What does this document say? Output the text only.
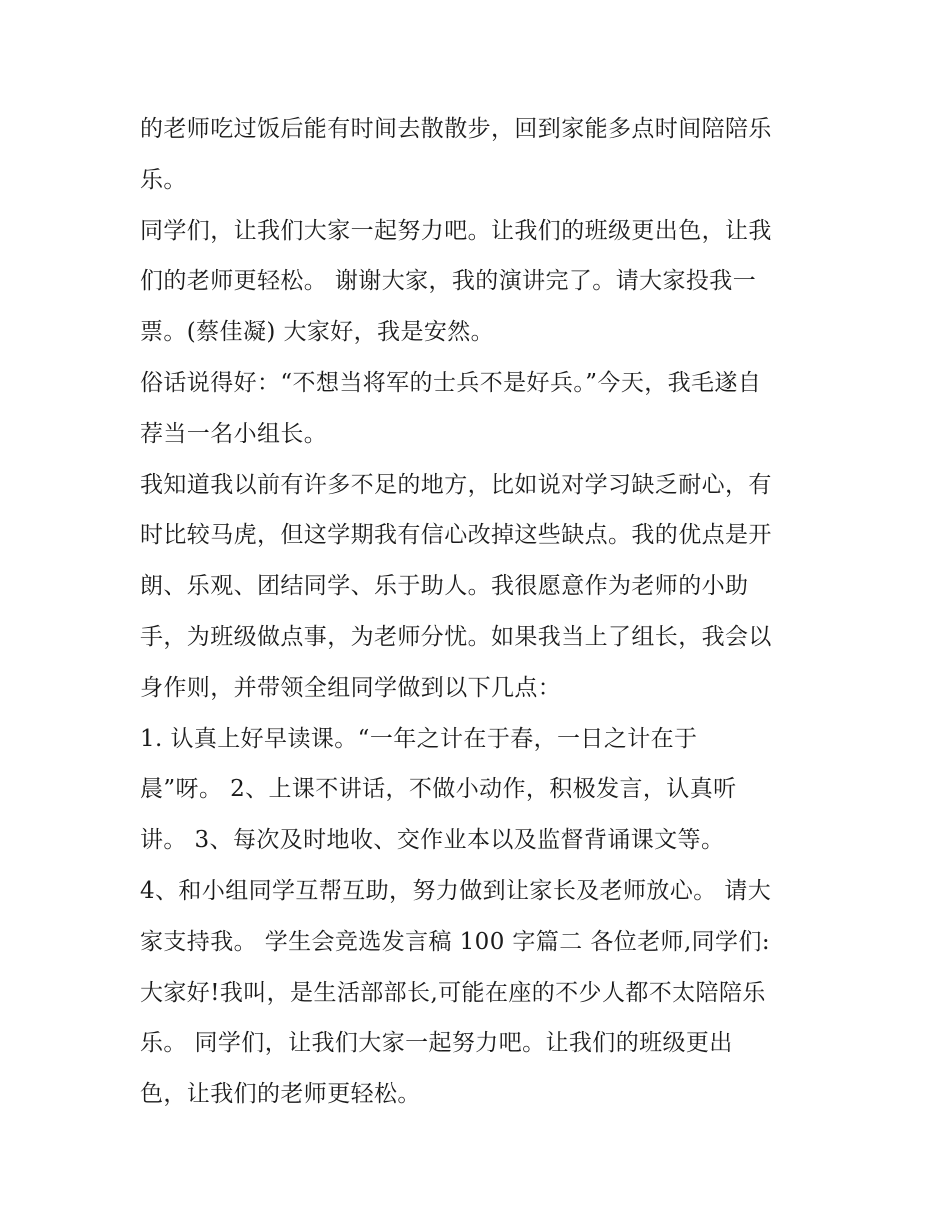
的老师吃过饭后能有时间去散散步，回到家能多点时间陪陪乐
乐。
同学们，让我们大家一起努力吧。让我们的班级更出色，让我
们的老师更轻松。 谢谢大家，我的演讲完了。请大家投我一
票。(蔡佳凝) 大家好，我是安然。
俗话说得好：“不想当将军的士兵不是好兵。”今天，我毛遂自
荐当一名小组长。
我知道我以前有许多不足的地方，比如说对学习缺乏耐心，有
时比较马虎，但这学期我有信心改掉这些缺点。我的优点是开
朗、乐观、团结同学、乐于助人。我很愿意作为老师的小助
手，为班级做点事，为老师分忧。如果我当上了组长，我会以
身作则，并带领全组同学做到以下几点：
1. 认真上好早读课。“一年之计在于春，一日之计在于
晨”呀。 2、上课不讲话，不做小动作，积极发言，认真听
讲。 3、每次及时地收、交作业本以及监督背诵课文等。
4、和小组同学互帮互助，努力做到让家长及老师放心。 请大
家支持我。 学生会竞选发言稿 100 字篇二 各位老师,同学们:
大家好!我叫，是生活部部长,可能在座的不少人都不太陪陪乐
乐。 同学们，让我们大家一起努力吧。让我们的班级更出
色，让我们的老师更轻松。
